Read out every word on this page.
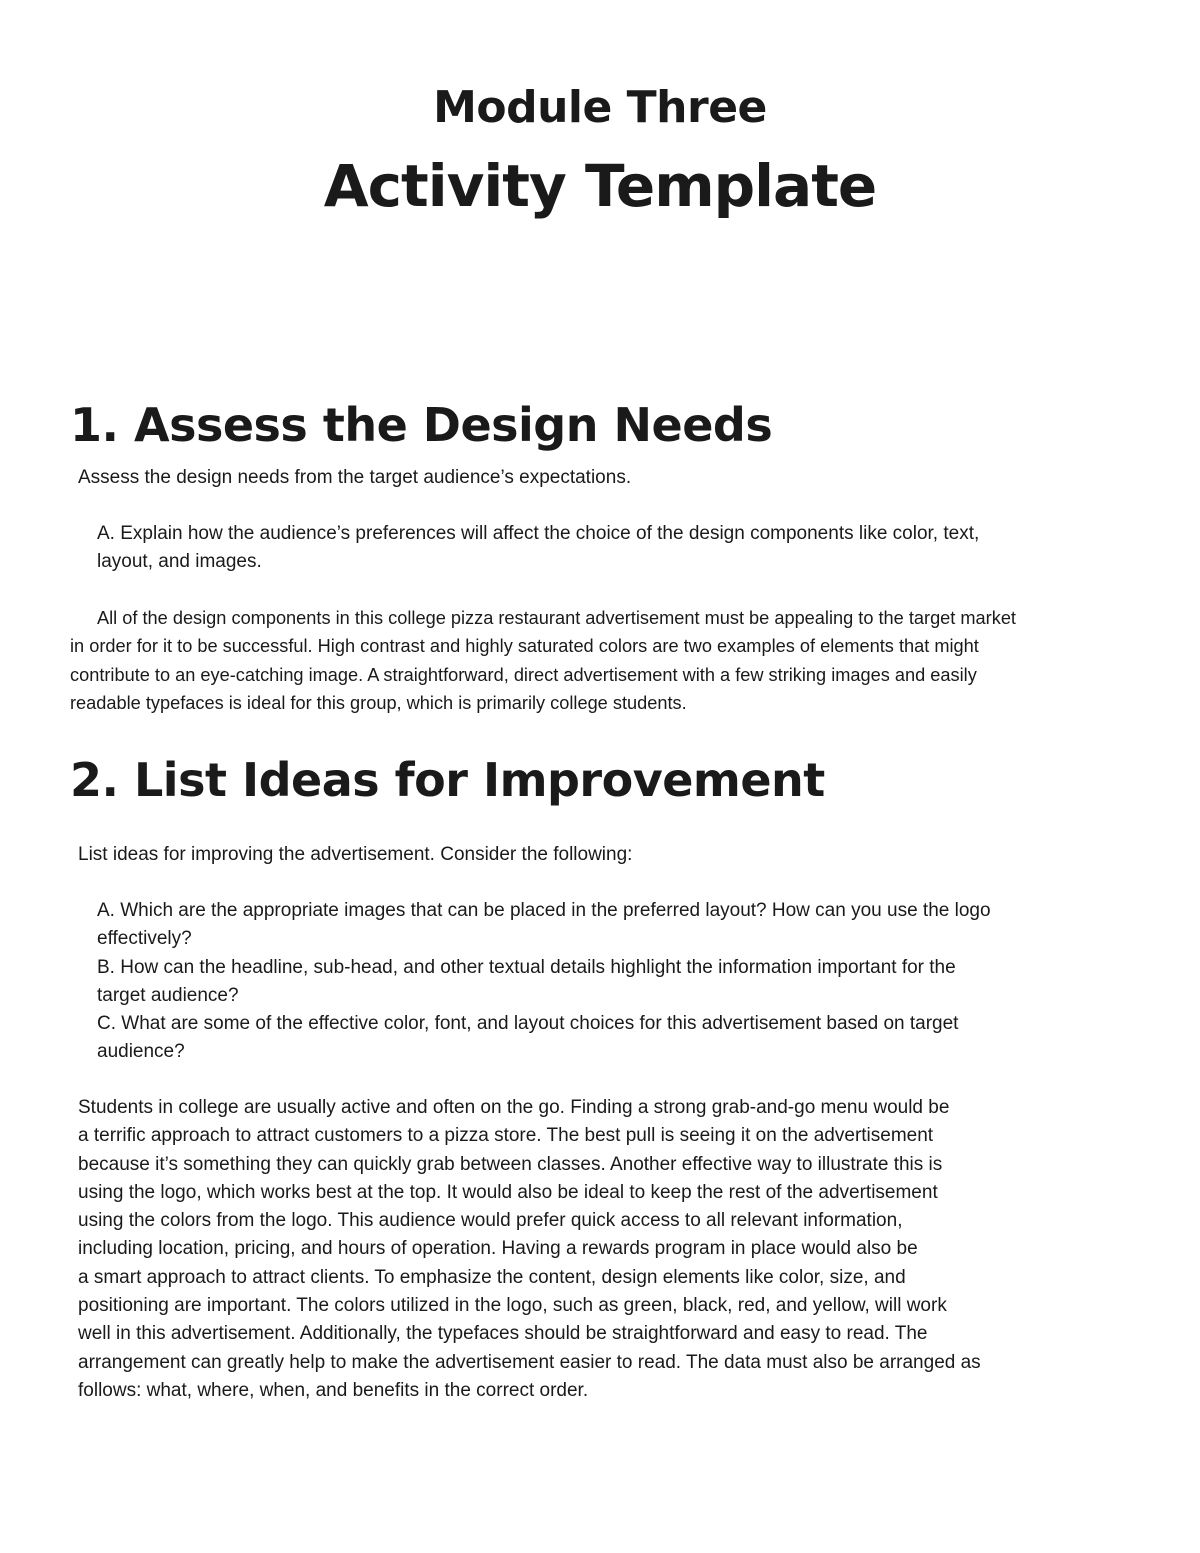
Module Three
Activity Template
1. Assess the Design Needs

Assess the design needs from the target audience’s expectations.

A. Explain how the audience’s preferences will affect the choice of the design components like color, text,
layout, and images.

All of the design components in this college pizza restaurant advertisement must be appealing to the target market
in order for it to be successful. High contrast and highly saturated colors are two examples of elements that might
contribute to an eye-catching image. A straightforward, direct advertisement with a few striking images and easily
readable typefaces is ideal for this group, which is primarily college students.
2. List Ideas for Improvement

List ideas for improving the advertisement. Consider the following:

A. Which are the appropriate images that can be placed in the preferred layout? How can you use the logo
effectively?
B. How can the headline, sub-head, and other textual details highlight the information important for the
target audience?
C. What are some of the effective color, font, and layout choices for this advertisement based on target
audience?
Students in college are usually active and often on the go. Finding a strong grab-and-go menu would be
a terrific approach to attract customers to a pizza store. The best pull is seeing it on the advertisement
because it’s something they can quickly grab between classes. Another effective way to illustrate this is
using the logo, which works best at the top. It would also be ideal to keep the rest of the advertisement
using the colors from the logo. This audience would prefer quick access to all relevant information,
including location, pricing, and hours of operation. Having a rewards program in place would also be
a smart approach to attract clients. To emphasize the content, design elements like color, size, and
positioning are important. The colors utilized in the logo, such as green, black, red, and yellow, will work
well in this advertisement. Additionally, the typefaces should be straightforward and easy to read. The
arrangement can greatly help to make the advertisement easier to read. The data must also be arranged as
follows: what, where, when, and benefits in the correct order.
